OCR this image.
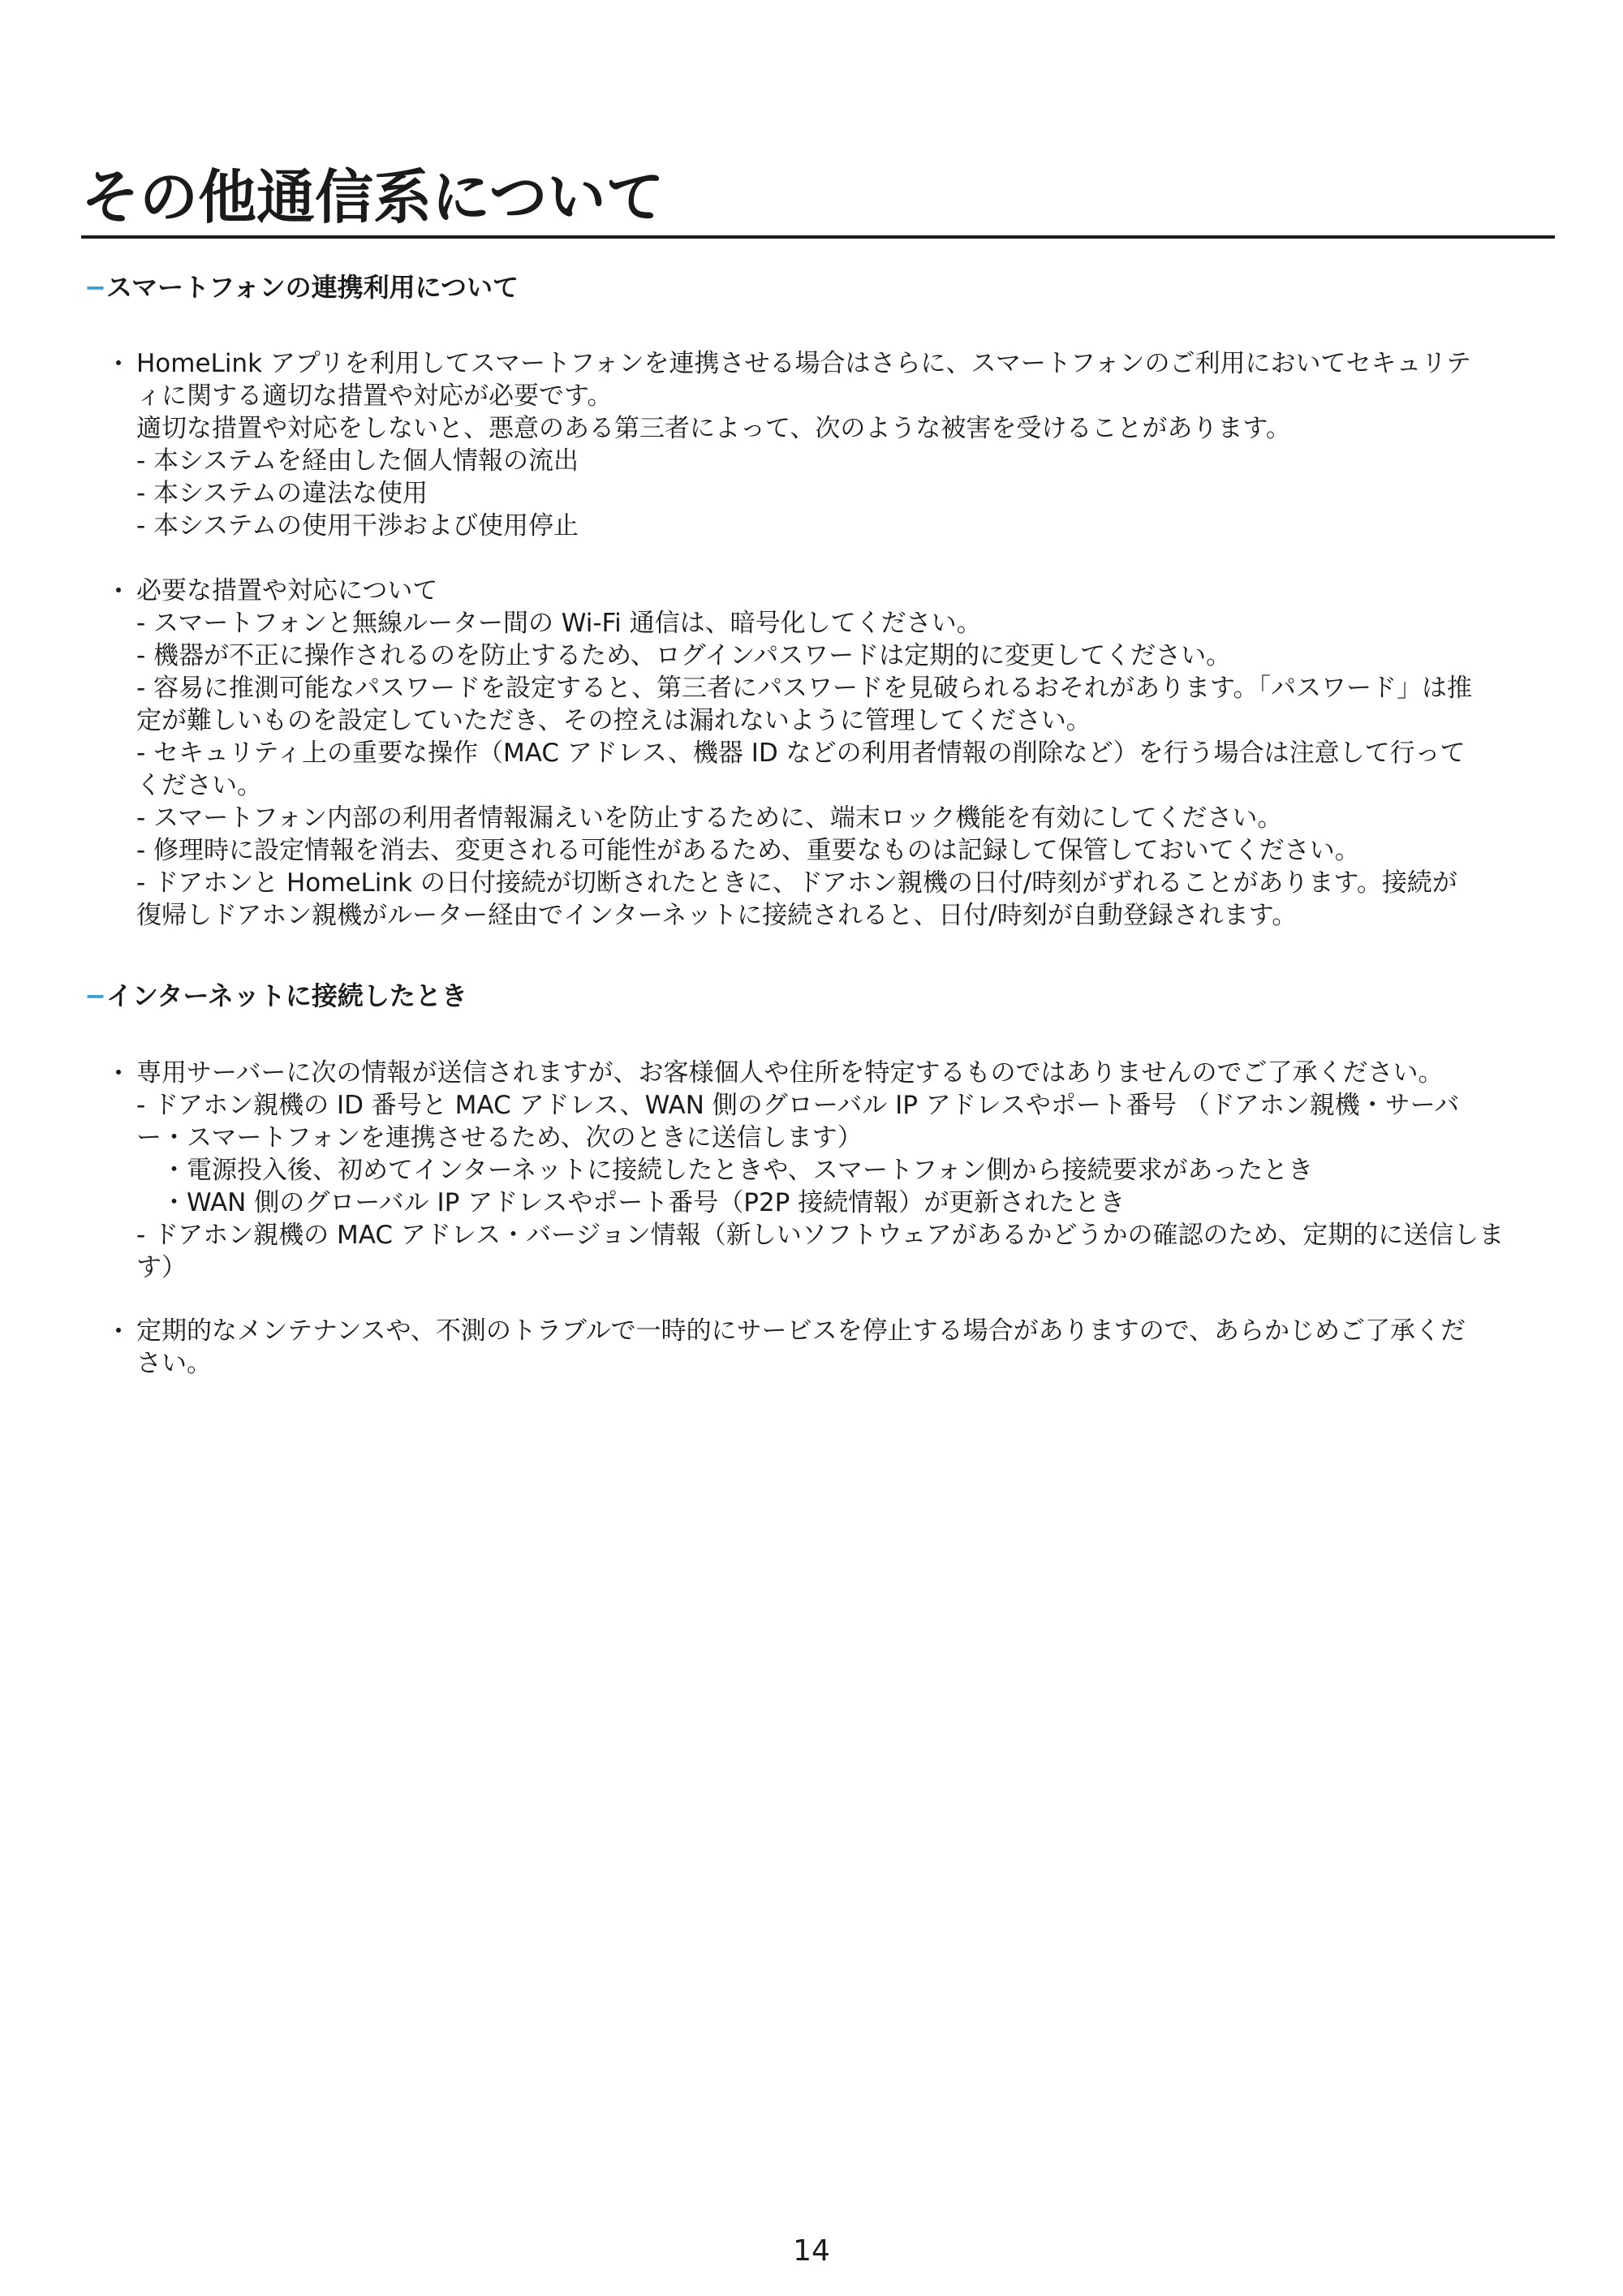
その他通信系について
−スマートフォンの連携利用について
・ HomeLink アプリを利用してスマートフォンを連携させる場合はさらに、スマートフォンのご利用においてセキュリテ
ィに関する適切な措置や対応が必要です。
適切な措置や対応をしないと、悪意のある第三者によって、次のような被害を受けることがあります。
- 本システムを経由した個人情報の流出
- 本システムの違法な使用
- 本システムの使用干渉および使用停止
・ 必要な措置や対応について
- スマートフォンと無線ルーター間の Wi-Fi 通信は、暗号化してください。
- 機器が不正に操作されるのを防止するため、ログインパスワードは定期的に変更してください。
- 容易に推測可能なパスワードを設定すると、第三者にパスワードを見破られるおそれがあります。「パスワード」は推
定が難しいものを設定していただき、その控えは漏れないように管理してください。
- セキュリティ上の重要な操作（MAC アドレス、機器 ID などの利用者情報の削除など）を行う場合は注意して行って
ください。
- スマートフォン内部の利用者情報漏えいを防止するために、端末ロック機能を有効にしてください。
- 修理時に設定情報を消去、変更される可能性があるため、重要なものは記録して保管しておいてください。
- ドアホンと HomeLink の日付接続が切断されたときに、ドアホン親機の日付/時刻がずれることがあります。接続が
復帰しドアホン親機がルーター経由でインターネットに接続されると、日付/時刻が自動登録されます。
−インターネットに接続したとき
・ 専用サーバーに次の情報が送信されますが、お客様個人や住所を特定するものではありませんのでご了承ください。
- ドアホン親機の ID 番号と MAC アドレス、WAN 側のグローバル IP アドレスやポート番号 （ドアホン親機・サーバ
ー・スマートフォンを連携させるため、次のときに送信します）
　・電源投入後、初めてインターネットに接続したときや、スマートフォン側から接続要求があったとき
　・WAN 側のグローバル IP アドレスやポート番号（P2P 接続情報）が更新されたとき
- ドアホン親機の MAC アドレス・バージョン情報（新しいソフトウェアがあるかどうかの確認のため、定期的に送信しま
す）
・ 定期的なメンテナンスや、不測のトラブルで一時的にサービスを停止する場合がありますので、あらかじめご了承くだ
さい。
14
